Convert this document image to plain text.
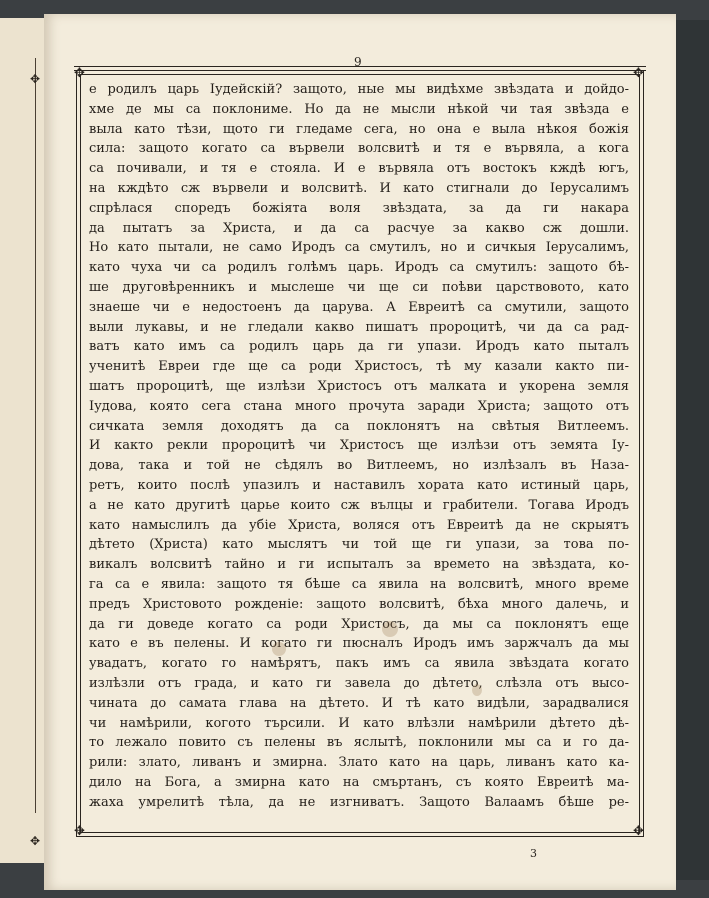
✥
✥
9
✥	✥
✥	✥
е родилъ царь Іудейскій? защото, ные мы видѣхме звѣздата и дойдо-
хме де мы са поклониме. Но да не мысли нѣкой чи тая звѣзда е
выла като тѣзи, щото ги гледаме сега, но она е выла нѣкоя божія
сила: защото когато са вървели волсвитѣ и тя е вървяла, а кога
са почивали, и тя е стояла. И е вървяла отъ востокъ кждѣ югъ,
на кждѣто сж вървели и волсвитѣ. И като стигнали до Іерусалимъ
спрѣлася споредъ божіята воля звѣздата, за да ги накара
да пытатъ за Христа, и да са расчуе за какво сж дошли.
Но като пытали, не само Иродъ са смутилъ, но и сичкыя Іерусалимъ,
като чуха чи са родилъ голѣмъ царь. Иродъ са смутилъ: защото бѣ-
ше друговѣренникъ и мыслеше чи ще си поѣви царствовото, като
знаеше чи е недостоенъ да царува. А Евреитѣ са смутили, защото
выли лукавы, и не гледали какво пишатъ пророцитѣ, чи да са рад-
ватъ като имъ са родилъ царь да ги упази. Иродъ като пыталъ
ученитѣ Евреи где ще са роди Христосъ, тѣ му казали както пи-
шатъ пророцитѣ, ще излѣзи Христосъ отъ малката и укорена земля
Іудова, която сега стана много прочута заради Христа; защото отъ
сичката земля доходятъ да са поклонятъ на свѣтыя Витлеемъ.
И както рекли пророцитѣ чи Христосъ ще излѣзи отъ земята Іу-
дова, така и той не сѣдялъ во Витлеемъ, но излѣзалъ въ Наза-
ретъ, които послѣ упазилъ и наставилъ хората като истиный царь,
а не като другитѣ царье които сж вълцы и грабители. Тогава Иродъ
като намыслилъ да убіе Христа, воляся отъ Евреитѣ да не скрыятъ
дѣтето (Христа) като мыслятъ чи той ще ги упази, за това по-
викалъ волсвитѣ тайно и ги испыталъ за времето на звѣздата, ко-
га са е явила: защото тя бѣше са явила на волсвитѣ, много време
предъ Христовото рожденіе: защото волсвитѣ, бѣха много далечь, и
да ги доведе когато са роди Христосъ, да мы са поклонятъ еще
като е въ пелены. И когато ги пюсналъ Иродъ имъ заржчалъ да мы
увадатъ, когато го намѣрятъ, пакъ имъ са явила звѣздата когато
излѣзли отъ града, и като ги завела до дѣтето, слѣзла отъ высо-
чината до самата глава на дѣтето. И тѣ като видѣли, зарадвалися
чи намѣрили, когото търсили. И като влѣзли намѣрили дѣтето дѣ-
то лежало повито съ пелены въ яслытѣ, поклонили мы са и го да-
рили: злато, ливанъ и змирна. Злато като на царь, ливанъ като ка-
дило на Бога, а змирна като на смъртанъ, съ която Евреитѣ ма-
жаха умрелитѣ тѣла, да не изгниватъ. Защото Валаамъ бѣше ре-
3
